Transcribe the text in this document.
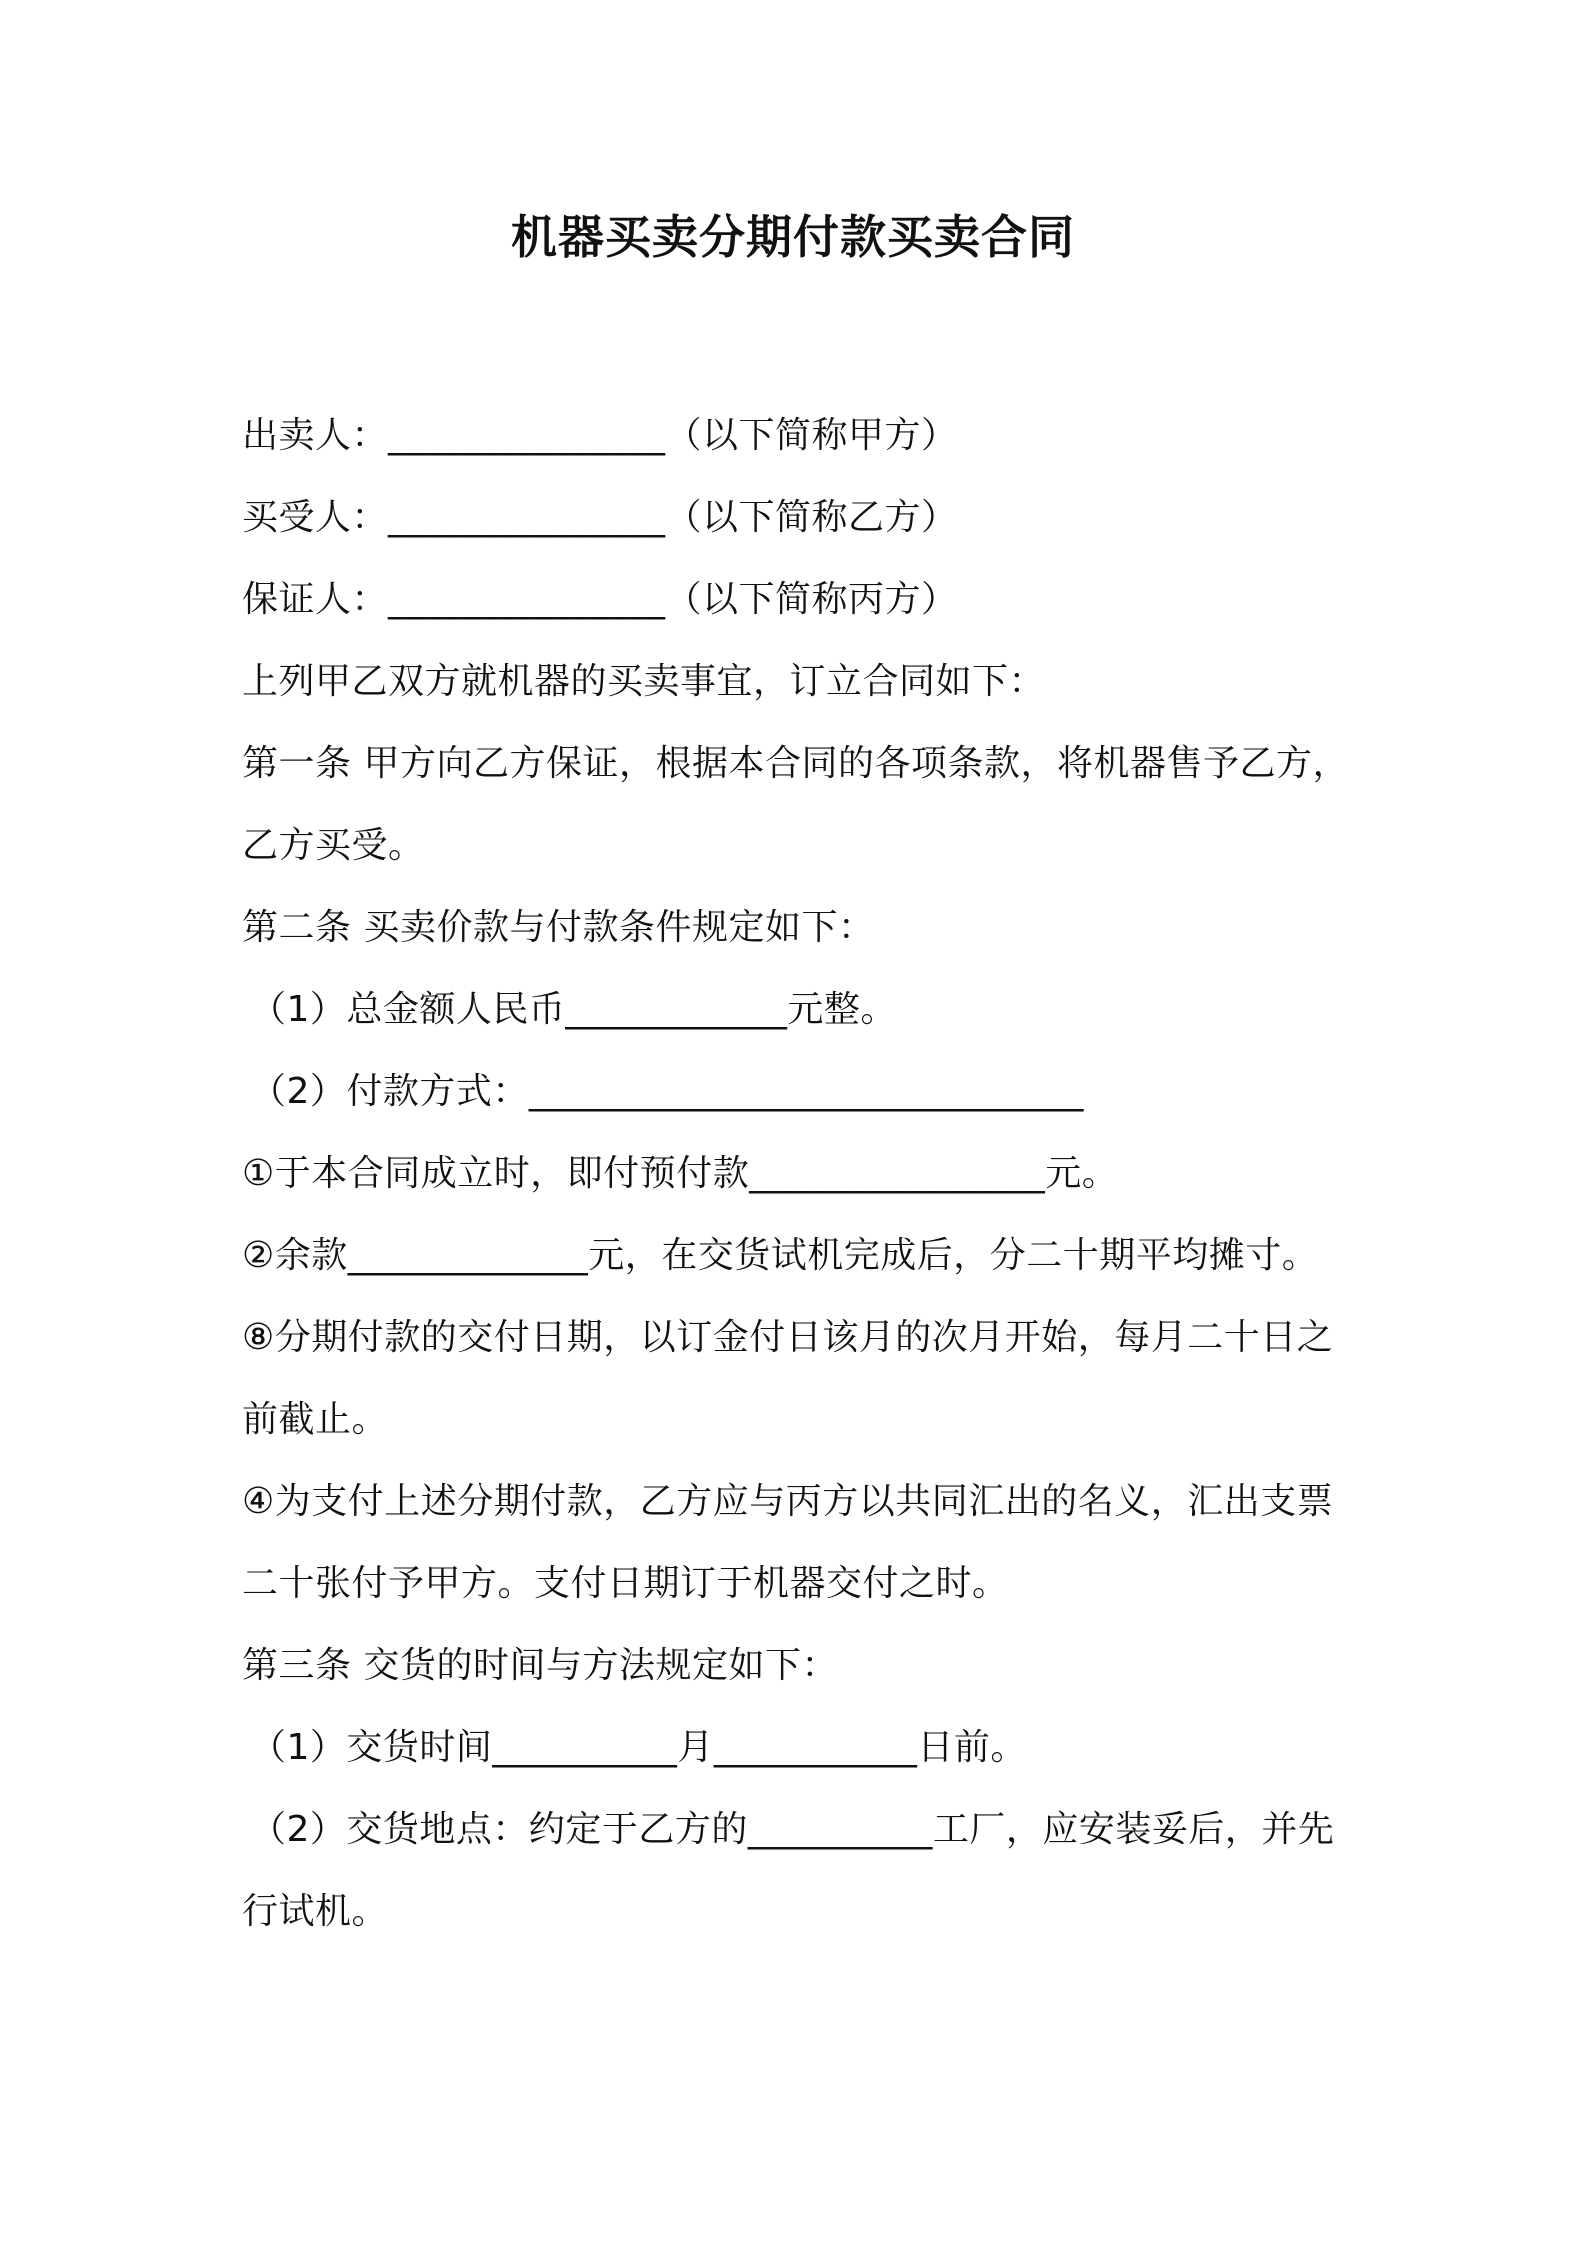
机器买卖分期付款买卖合同
出卖人：_______________（以下简称甲方）
买受人：_______________（以下简称乙方）
保证人：_______________（以下简称丙方）
上列甲乙双方就机器的买卖事宜，订立合同如下：
第一条 甲方向乙方保证，根据本合同的各项条款，将机器售予乙方，
乙方买受。
第二条 买卖价款与付款条件规定如下：
（1）总金额人民币____________元整。
（2）付款方式：______________________________
①于本合同成立时，即付预付款________________元。
②余款_____________元，在交货试机完成后，分二十期平均摊寸。
⑧分期付款的交付日期，以订金付日该月的次月开始，每月二十日之
前截止。
④为支付上述分期付款，乙方应与丙方以共同汇出的名义，汇出支票
二十张付予甲方。支付日期订于机器交付之时。
第三条 交货的时间与方法规定如下：
（1）交货时间__________月___________日前。
（2）交货地点：约定于乙方的__________工厂，应安装妥后，并先
行试机。
